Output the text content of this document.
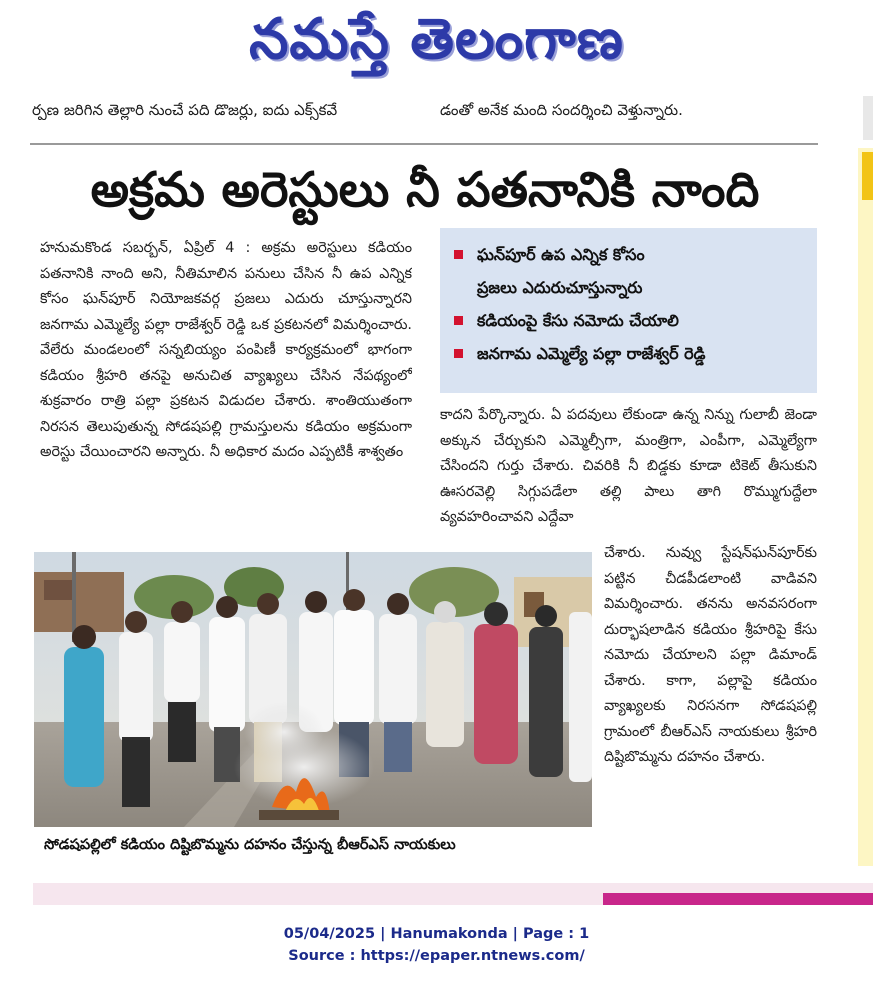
నమస్తే తెలంగాణ
ర్పణ జరిగిన తెల్లారి నుంచే పది డొజర్లు, ఐదు ఎక్స్‌కవే	డంతో అనేక మంది సందర్శించి వెళ్తున్నారు.
అక్రమ అరెస్టులు నీ పతనానికి నాంది

హనుమకొండ సబర్బన్, ఏప్రిల్ 4 : అక్రమ అరెస్టులు కడియం పతనానికి నాంది అని, నీతిమాలిన పనులు చేసిన నీ ఉప ఎన్నిక కోసం ఘన్‌పూర్ నియోజకవర్గ ప్రజలు ఎదురు చూస్తున్నారని జనగామ ఎమ్మెల్యే పల్లా రాజేశ్వర్ రెడ్డి ఒక ప్రకటనలో విమర్శించారు. వేలేరు మండలంలో సన్నబియ్యం పంపిణీ కార్యక్రమంలో భాగంగా కడియం శ్రీహరి తనపై అనుచిత వ్యాఖ్యలు చేసిన నేపథ్యంలో శుక్రవారం రాత్రి పల్లా ప్రకటన విడుదల చేశారు. శాంతియుతంగా నిరసన తెలుపుతున్న సోడషపల్లి గ్రామస్తులను కడియం అక్రమంగా అరెస్టు చేయించారని అన్నారు. నీ అధికార మదం ఎప్పటికీ శాశ్వతం

ఘన్‌పూర్ ఉప ఎన్నిక కోసం
ప్రజలు ఎదురుచూస్తున్నారు
కడియంపై కేసు నమోదు చేయాలి
జనగామ ఎమ్మెల్యే పల్లా రాజేశ్వర్ రెడ్డి

కాదని పేర్కొన్నారు. ఏ పదవులు లేకుండా ఉన్న నిన్ను గులాబీ జెండా అక్కున చేర్చుకుని ఎమ్మెల్సీగా, మంత్రిగా, ఎంపీగా, ఎమ్మెల్యేగా చేసిందని గుర్తు చేశారు. చివరికి నీ బిడ్డకు కూడా టికెట్ తీసుకుని ఊసరవెల్లి సిగ్గుపడేలా తల్లి పాలు తాగి రొమ్ముగుద్దేలా వ్యవహరించావని ఎద్దేవా

చేశారు. నువ్వు స్టేషన్‌ఘన్‌పూర్‌కు పట్టిన చీడపీడలాంటి వాడివని విమర్శించారు. తనను అనవసరంగా దుర్భాషలాడిన కడియం శ్రీహరిపై కేసు నమోదు చేయాలని పల్లా డిమాండ్ చేశారు. కాగా, పల్లాపై కడియం వ్యాఖ్యలకు నిరసనగా సోడషపల్లి గ్రామంలో బీఆర్‌ఎస్ నాయకులు శ్రీహరి దిష్టిబొమ్మను దహనం చేశారు.

సోడషపల్లిలో కడియం దిష్టిబొమ్మను దహనం చేస్తున్న బీఆర్‌ఎస్ నాయకులు
05/04/2025 | Hanumakonda | Page : 1
Source : https://epaper.ntnews.com/
